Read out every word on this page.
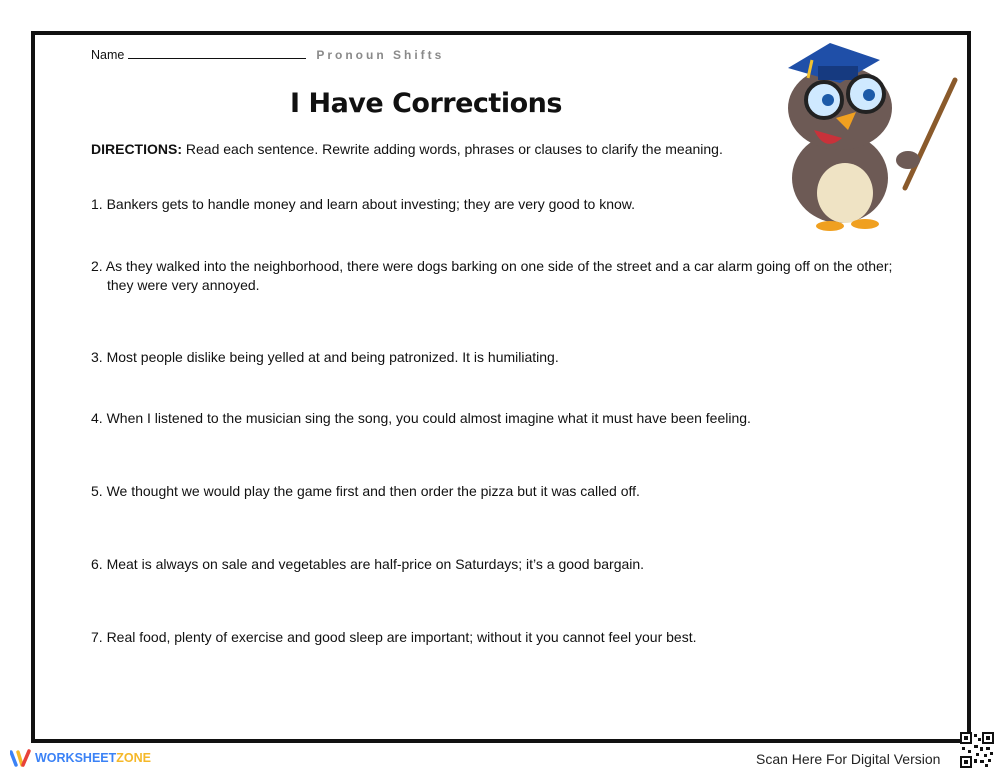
Name	Pronoun Shifts
I Have Corrections
DIRECTIONS: Read each sentence. Rewrite adding words, phrases or clauses to clarify the meaning.
1. Bankers gets to handle money and learn about investing; they are very good to know.
2. As they walked into the neighborhood, there were dogs barking on one side of the street and a car alarm going off on the other;
they were very annoyed.
3. Most people dislike being yelled at and being patronized. It is humiliating.
4. When I listened to the musician sing the song, you could almost imagine what it must have been feeling.
5. We thought we would play the game first and then order the pizza but it was called off.
6. Meat is always on sale and vegetables are half-price on Saturdays; it’s a good bargain.
7. Real food, plenty of exercise and good sleep are important; without it you cannot feel your best.
WORKSHEET ZONE	Scan Here For Digital Version
